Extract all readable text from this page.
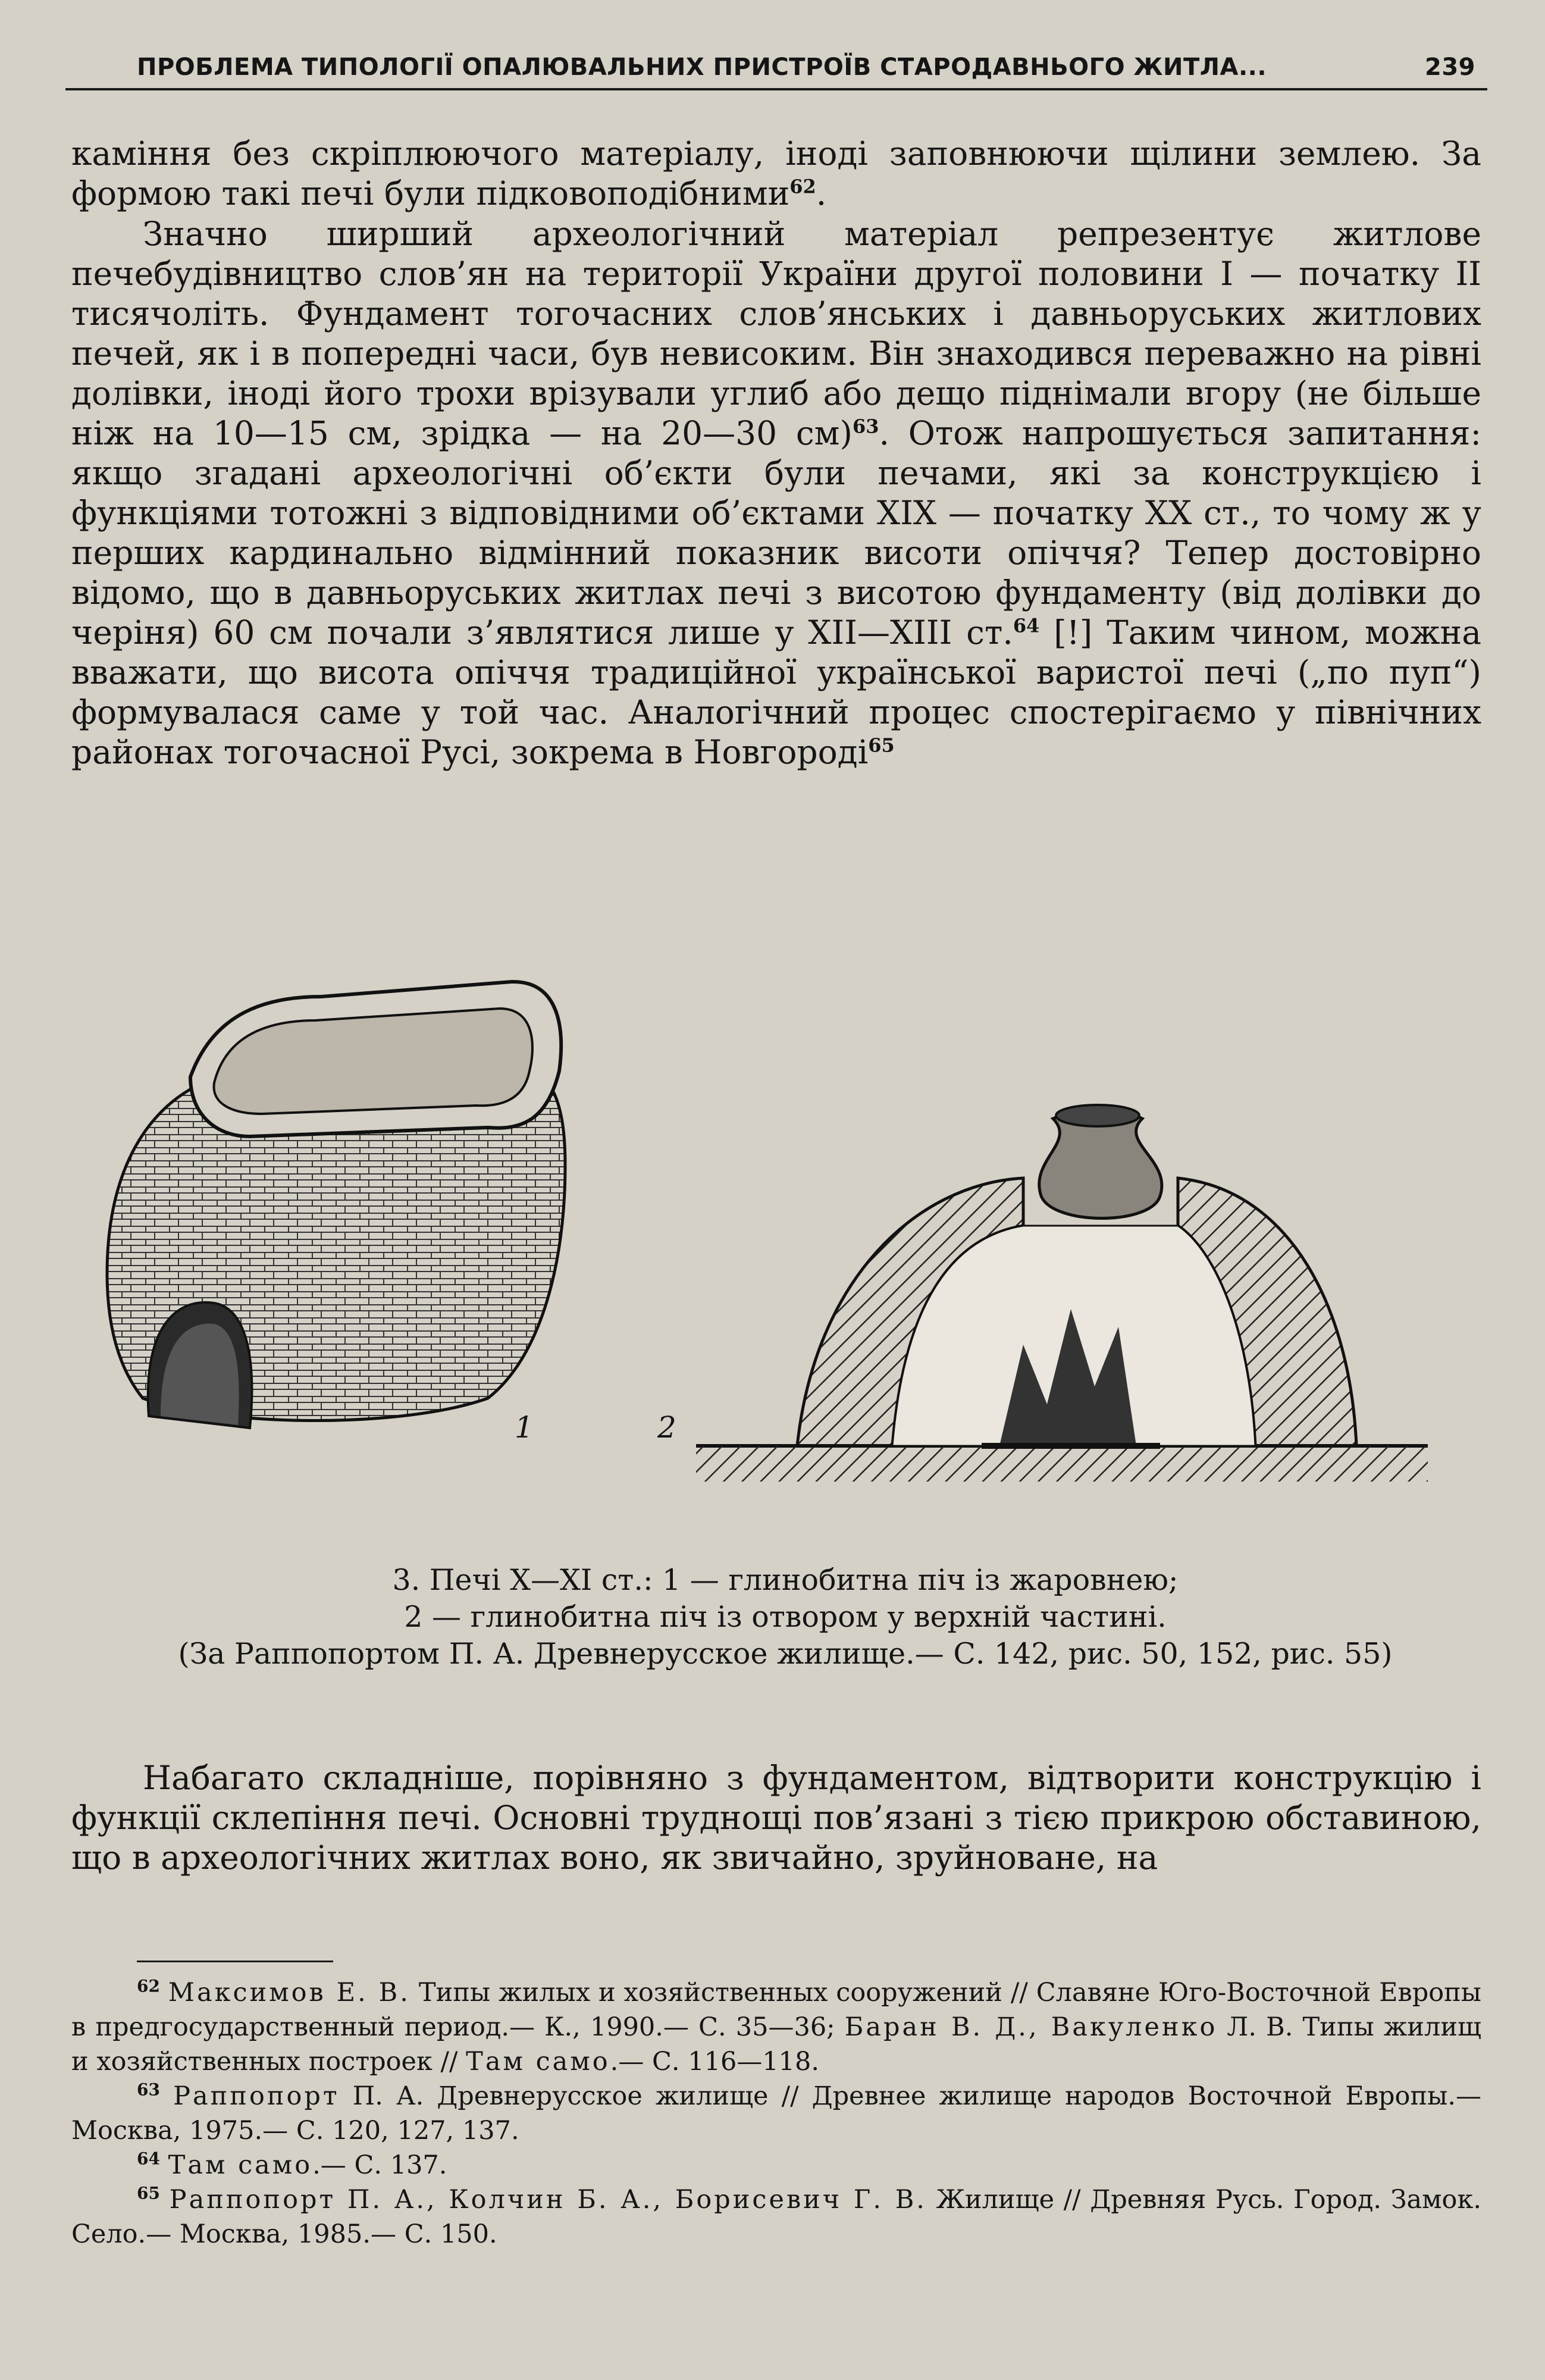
ПРОБЛЕМА ТИПОЛОГІЇ ОПАЛЮВАЛЬНИХ ПРИСТРОЇВ СТАРОДАВНЬОГО ЖИТЛА...	239
каміння без скріплюючого матеріалу, іноді заповнюючи щілини землею. За формою такі печі були підковоподібними$^{62}$.
Значно ширший археологічний матеріал репрезентує житлове печебудівництво слов’ян на території України другої половини I — початку II тисячоліть. Фундамент тогочасних слов’янських і давньоруських житлових печей, як і в попередні часи, був невисоким. Він знаходився переважно на рівні долівки, іноді його трохи врізували углиб або дещо піднімали вгору (не більше ніж на 10—15 см, зрідка — на 20—30 см)$^{63}$. Отож напрошується запитання: якщо згадані археологічні об’єкти були печами, які за конструкцією і функціями тотожні з відповідними об’єктами XIX — початку XX ст., то чому ж у перших кардинально відмінний показник висоти опіччя? Тепер достовірно відомо, що в давньоруських житлах печі з висотою фундаменту (від долівки до черіня) 60 см почали з’являтися лише у XII—XIII ст.$^{64}$ [!] Таким чином, можна вважати, що висота опіччя традиційної української варистої печі („по пуп“) формувалася саме у той час. Аналогічний процес спостерігаємо у північних районах тогочасної Русі, зокрема в Новгороді$^{65}$
1	2
3. Печі X—XI ст.: 1 — глинобитна піч із жаровнею;
2 — глинобитна піч із отвором у верхній частині.
(За Раппопортом П. А. Древнерусское жилище.— С. 142, рис. 50, 152, рис. 55)
Набагато складніше, порівняно з фундаментом, відтворити конструкцію і функції склепіння печі. Основні труднощі пов’язані з тією прикрою обставиною, що в археологічних житлах воно, як звичайно, зруйноване, на
$^{62}$ Максимов Е. В. Типы жилых и хозяйственных сооружений // Славяне Юго-Восточной Европы в предгосударственный период.— К., 1990.— С. 35—36; Баран В. Д., Вакуленко Л. В. Типы жилищ и хозяйственных построек // Там само.— С. 116—118.
$^{63}$ Раппопорт П. А. Древнерусское жилище // Древнее жилище народов Восточной Европы.— Москва, 1975.— С. 120, 127, 137.
$^{64}$ Там само.— С. 137.
$^{65}$ Раппопорт П. А., Колчин Б. А., Борисевич Г. В. Жилище // Древняя Русь. Город. Замок. Село.— Москва, 1985.— С. 150.
